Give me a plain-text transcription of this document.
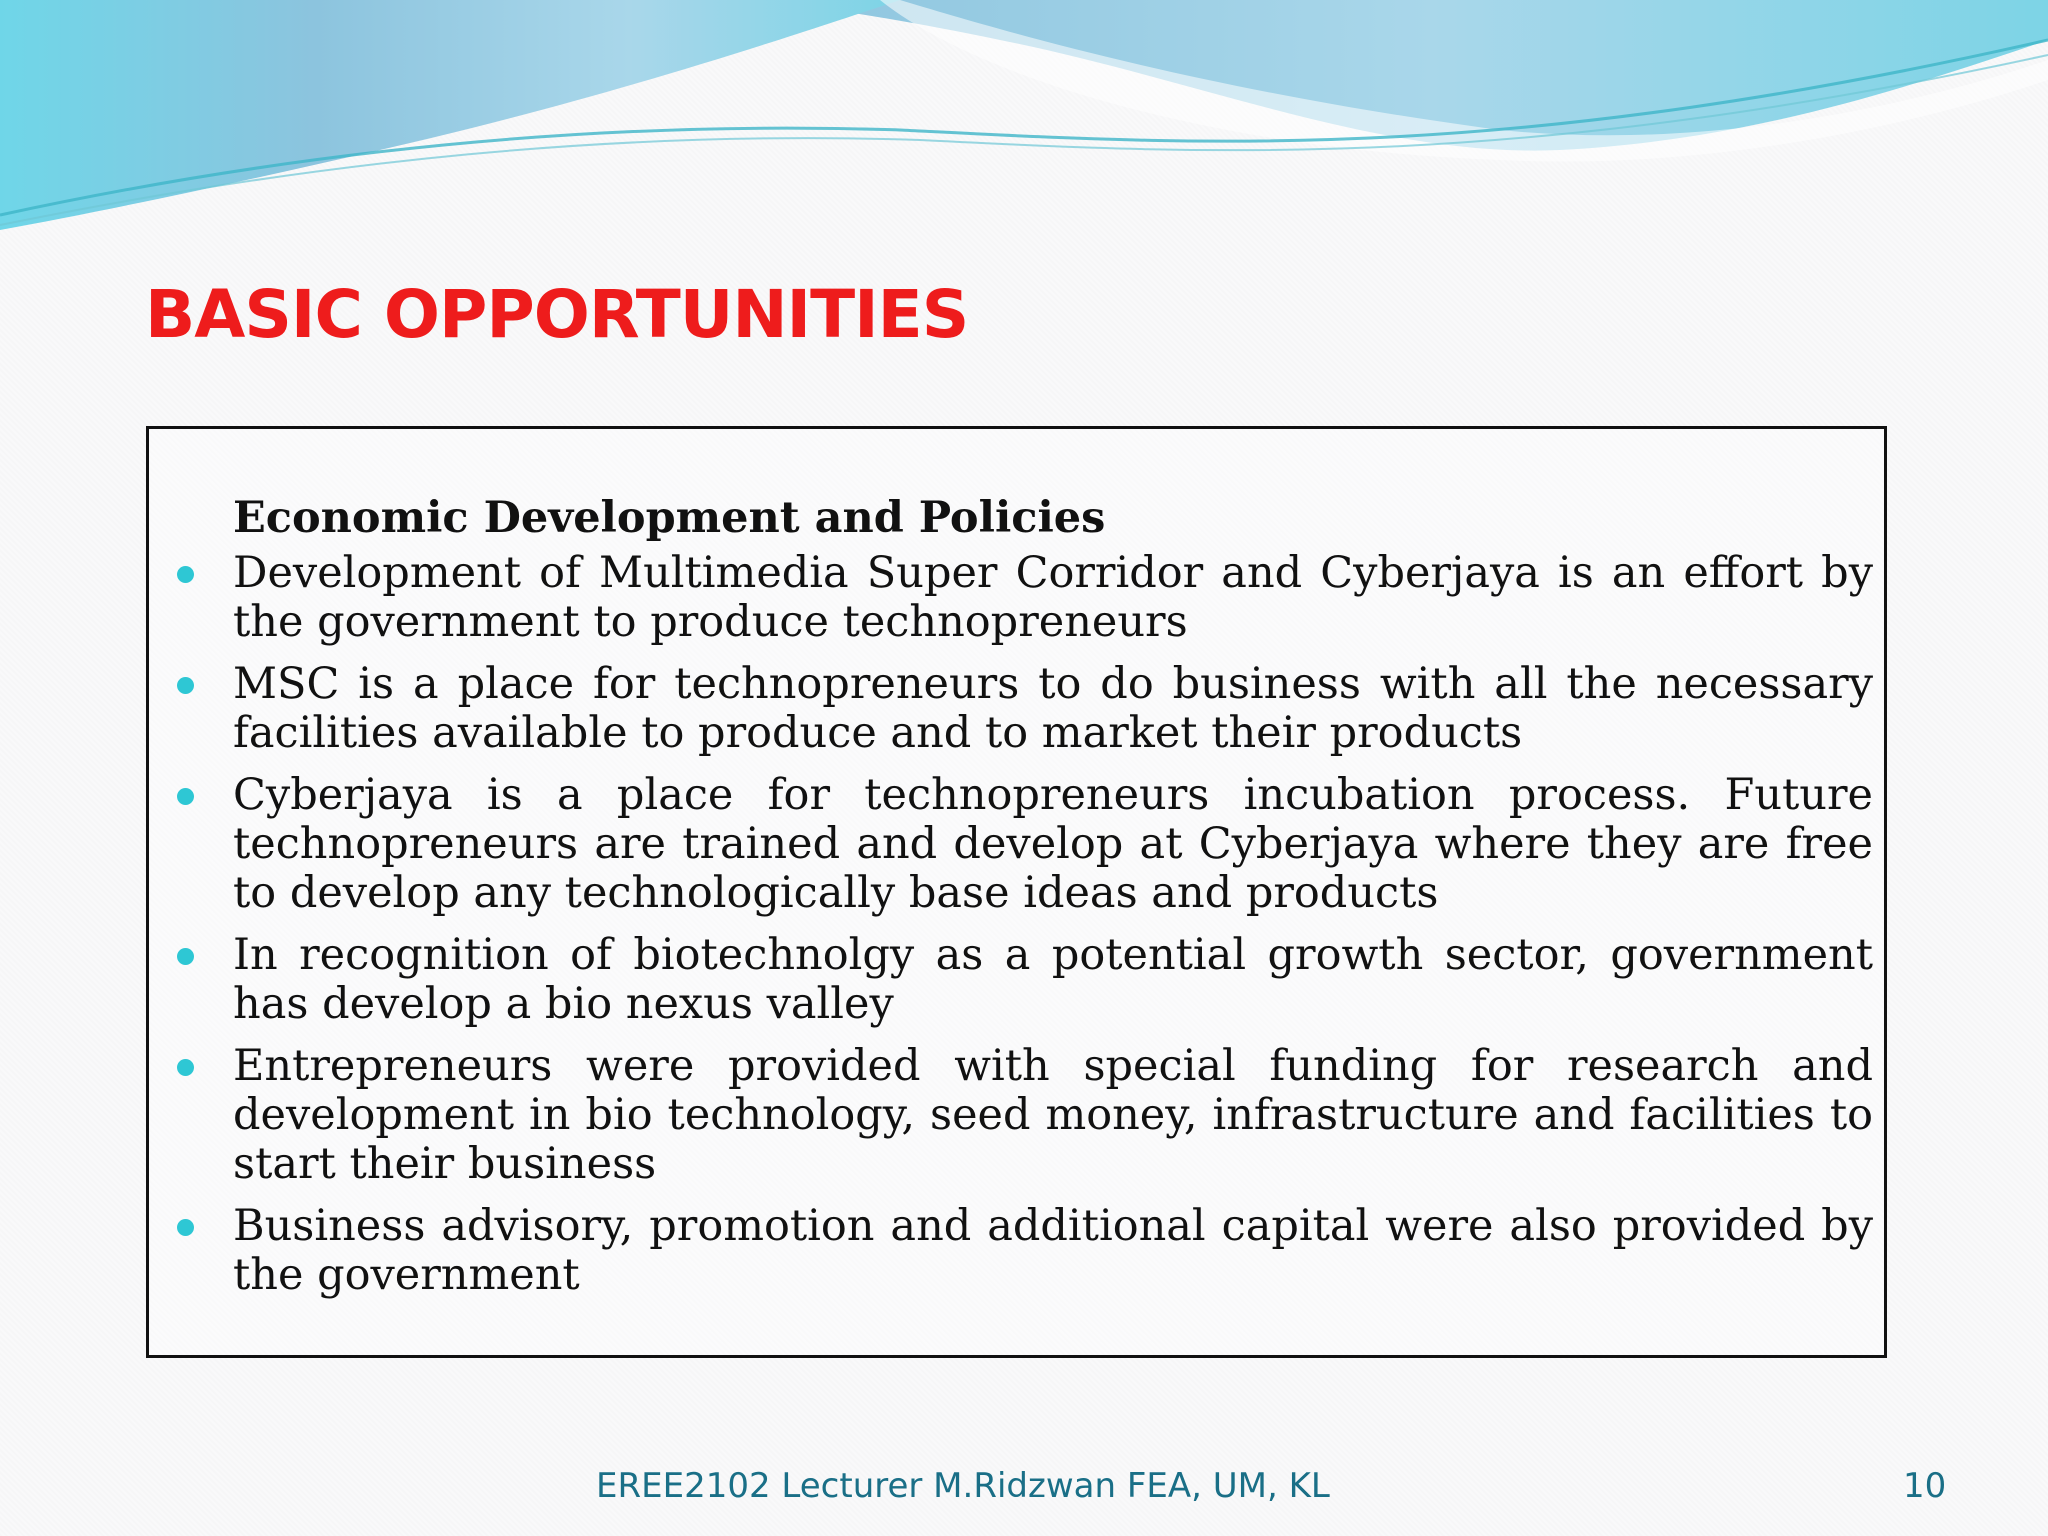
BASIC OPPORTUNITIES
Economic Development and Policies
Development of Multimedia Super Corridor and Cyberjaya is an effort by the government to produce technopreneurs
MSC is a place for technopreneurs to do business with all the necessary facilities available to produce and to market their products
Cyberjaya is a place for technopreneurs incubation process. Future technopreneurs are trained and develop at Cyberjaya where they are free to develop any technologically base ideas and products
In recognition of biotechnolgy as a potential growth sector, government has develop a bio nexus valley
Entrepreneurs were provided with special funding for research and development in bio technology, seed money, infrastructure and facilities to start their business
Business advisory, promotion and additional capital were also provided by the government
EREE2102 Lecturer M.Ridzwan FEA, UM, KL	10
